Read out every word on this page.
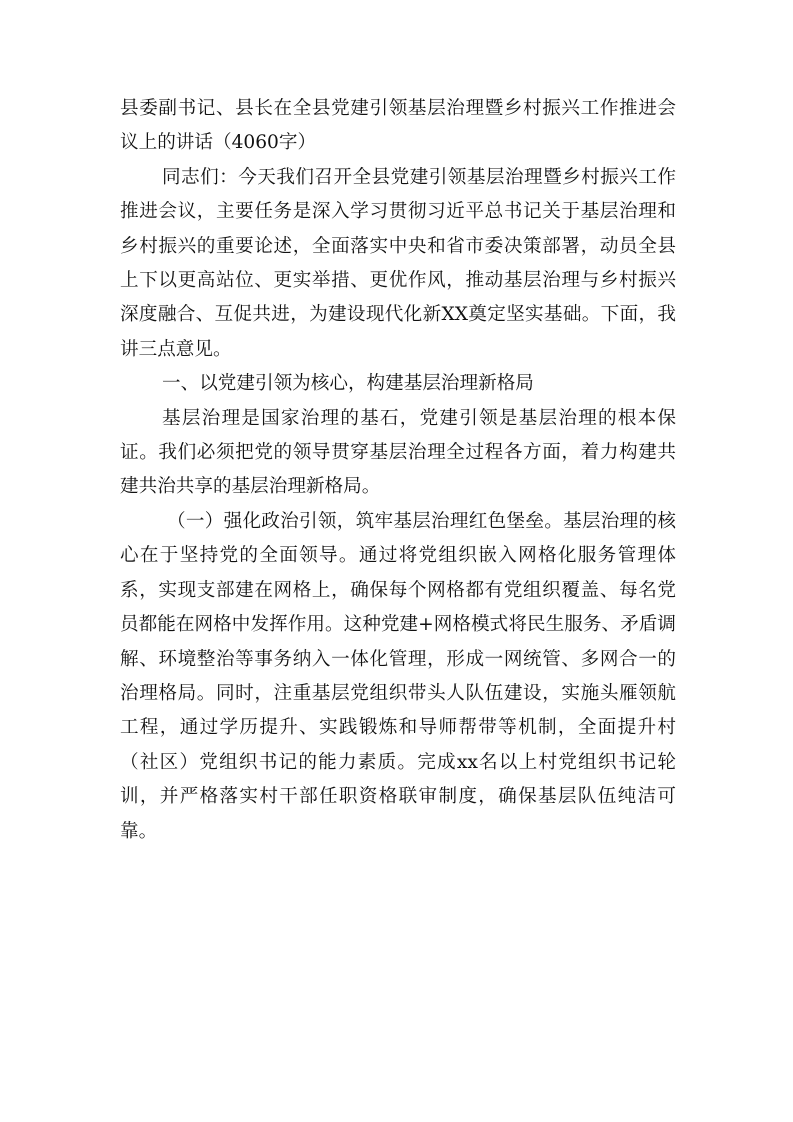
县委副书记、县长在全县党建引领基层治理暨乡村振兴工作推进会议上的讲话（4060字）

同志们：今天我们召开全县党建引领基层治理暨乡村振兴工作推进会议，主要任务是深入学习贯彻习近平总书记关于基层治理和乡村振兴的重要论述，全面落实中央和省市委决策部署，动员全县上下以更高站位、更实举措、更优作风，推动基层治理与乡村振兴深度融合、互促共进，为建设现代化新XX奠定坚实基础。下面，我讲三点意见。

一、以党建引领为核心，构建基层治理新格局

基层治理是国家治理的基石，党建引领是基层治理的根本保证。我们必须把党的领导贯穿基层治理全过程各方面，着力构建共建共治共享的基层治理新格局。

（一）强化政治引领，筑牢基层治理红色堡垒。基层治理的核心在于坚持党的全面领导。通过将党组织嵌入网格化服务管理体系，实现支部建在网格上，确保每个网格都有党组织覆盖、每名党员都能在网格中发挥作用。这种党建+网格模式将民生服务、矛盾调解、环境整治等事务纳入一体化管理，形成一网统管、多网合一的治理格局。同时，注重基层党组织带头人队伍建设，实施头雁领航工程，通过学历提升、实践锻炼和导师帮带等机制，全面提升村（社区）党组织书记的能力素质。完成xx名以上村党组织书记轮训，并严格落实村干部任职资格联审制度，确保基层队伍纯洁可靠。
